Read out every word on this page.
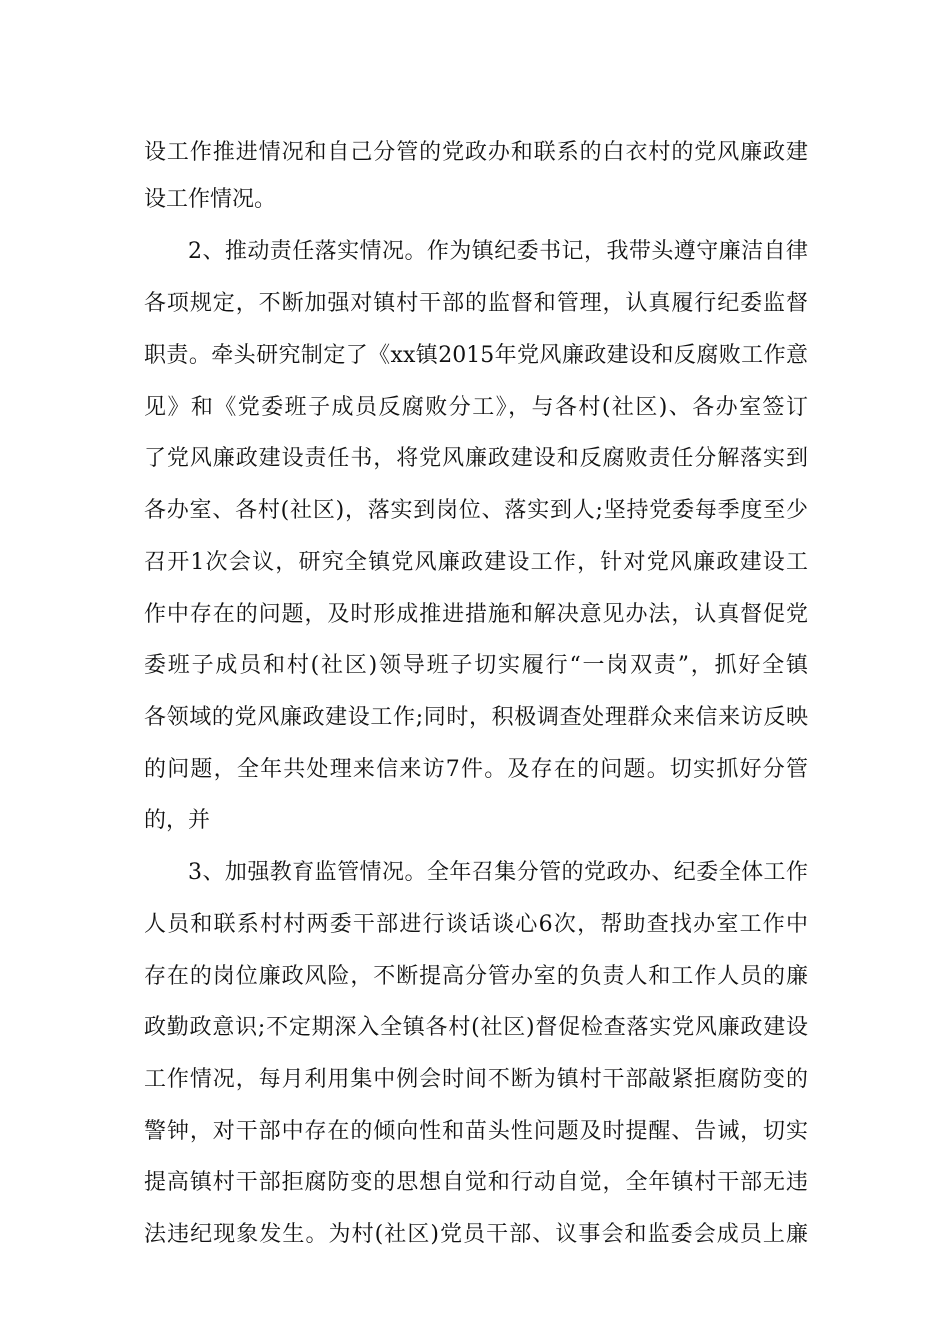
设工作推进情况和自己分管的党政办和联系的白衣村的党风廉政建
设工作情况。
2、推动责任落实情况。作为镇纪委书记，我带头遵守廉洁自律
各项规定，不断加强对镇村干部的监督和管理，认真履行纪委监督
职责。牵头研究制定了《xx镇2015年党风廉政建设和反腐败工作意
见》和《党委班子成员反腐败分工》，与各村(社区)、各办室签订
了党风廉政建设责任书，将党风廉政建设和反腐败责任分解落实到
各办室、各村(社区)，落实到岗位、落实到人;坚持党委每季度至少
召开1次会议，研究全镇党风廉政建设工作，针对党风廉政建设工
作中存在的问题，及时形成推进措施和解决意见办法，认真督促党
委班子成员和村(社区)领导班子切实履行“一岗双责”，抓好全镇
各领域的党风廉政建设工作;同时，积极调查处理群众来信来访反映
的问题，全年共处理来信来访7件。及存在的问题。切实抓好分管
的，并
3、加强教育监管情况。全年召集分管的党政办、纪委全体工作
人员和联系村村两委干部进行谈话谈心6次，帮助查找办室工作中
存在的岗位廉政风险，不断提高分管办室的负责人和工作人员的廉
政勤政意识;不定期深入全镇各村(社区)督促检查落实党风廉政建设
工作情况，每月利用集中例会时间不断为镇村干部敲紧拒腐防变的
警钟，对干部中存在的倾向性和苗头性问题及时提醒、告诫，切实
提高镇村干部拒腐防变的思想自觉和行动自觉，全年镇村干部无违
法违纪现象发生。为村(社区)党员干部、议事会和监委会成员上廉
